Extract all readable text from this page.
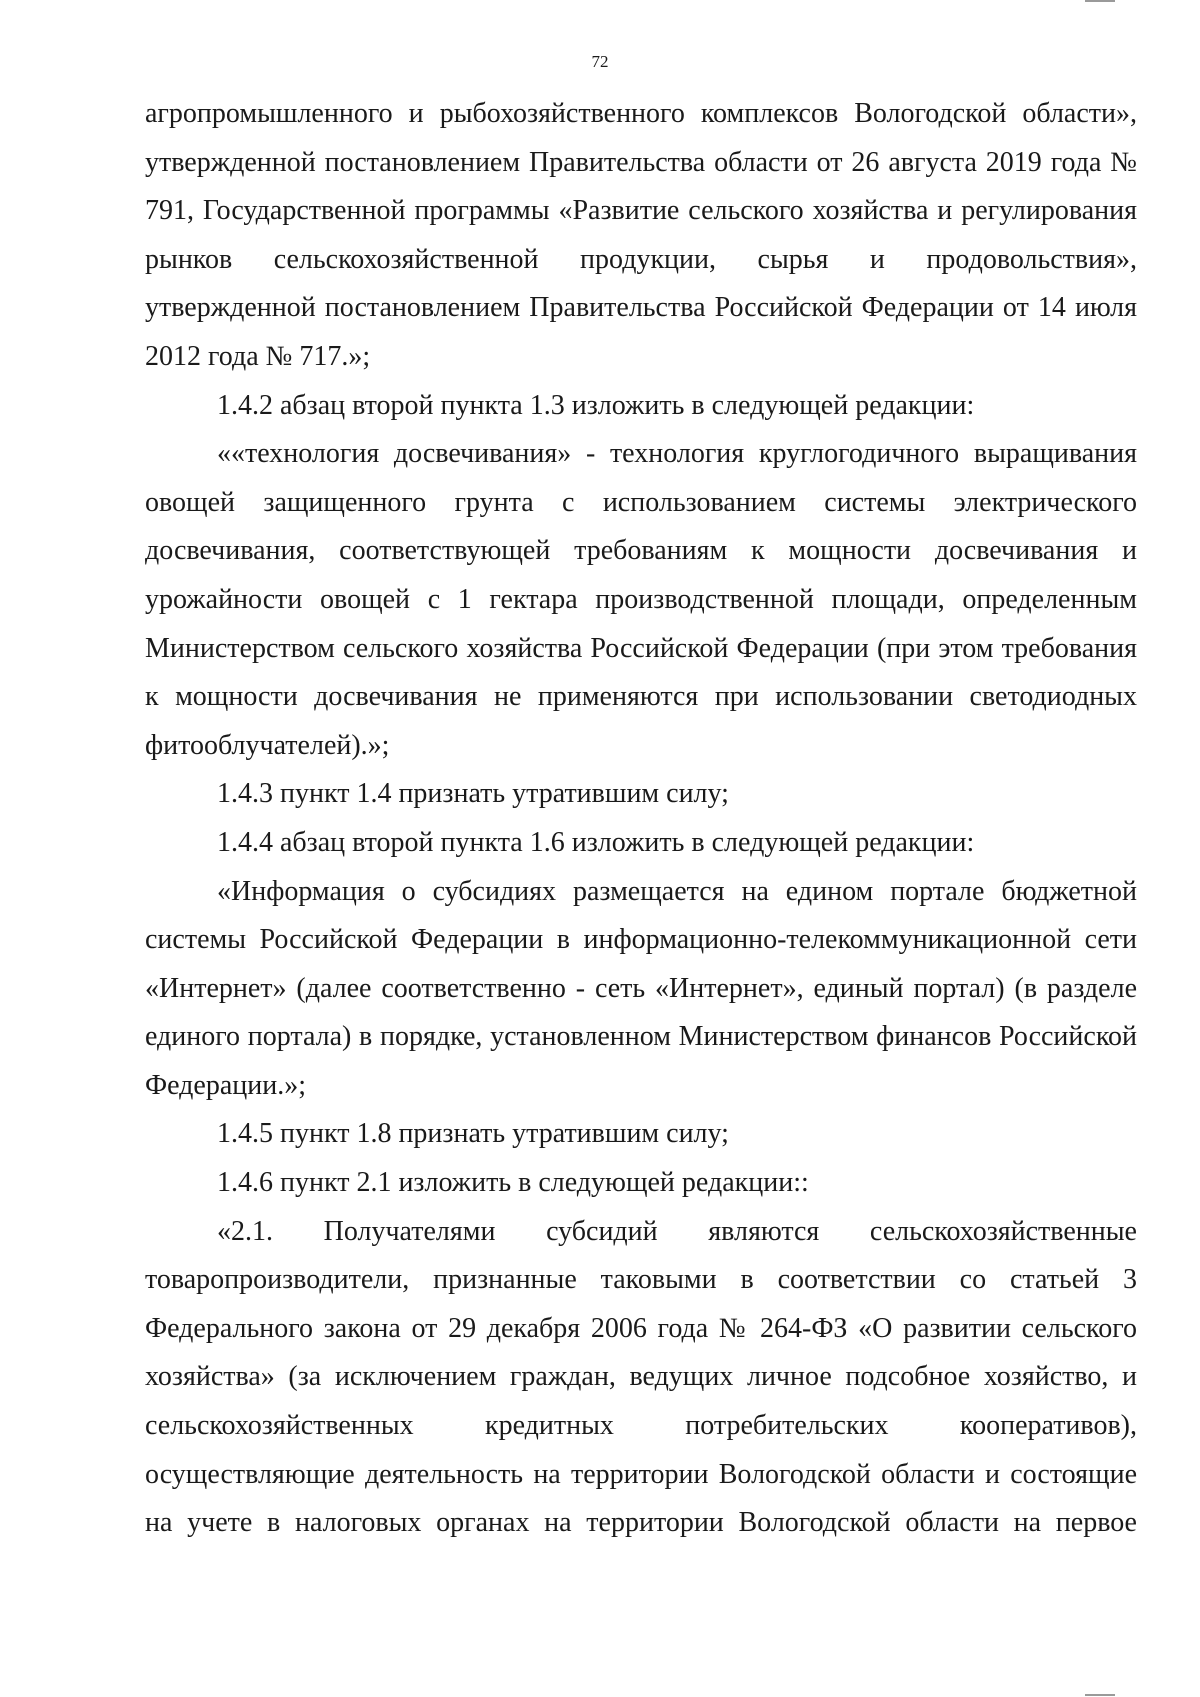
72

агропромышленного и рыбохозяйственного комплексов Вологодской области», утвержденной постановлением Правительства области от 26 августа 2019 года № 791, Государственной программы «Развитие сельского хозяйства и регулирования рынков сельскохозяйственной продукции, сырья и продовольствия», утвержденной постановлением Правительства Российской Федерации от 14 июля 2012 года № 717.»;

1.4.2 абзац второй пункта 1.3 изложить в следующей редакции:

««технология досвечивания» - технология круглогодичного выращивания овощей защищенного грунта с использованием системы электрического досвечивания, соответствующей требованиям к мощности досвечивания и урожайности овощей с 1 гектара производственной площади, определенным Министерством сельского хозяйства Российской Федерации (при этом требования к мощности досвечивания не применяются при использовании светодиодных фитооблучателей).»;

1.4.3 пункт 1.4 признать утратившим силу;

1.4.4 абзац второй пункта 1.6 изложить в следующей редакции:

«Информация о субсидиях размещается на едином портале бюджетной системы Российской Федерации в информационно-телекоммуникационной сети «Интернет» (далее соответственно - сеть «Интернет», единый портал) (в разделе единого портала) в порядке, установленном Министерством финансов Российской Федерации.»;

1.4.5 пункт 1.8 признать утратившим силу;

1.4.6 пункт 2.1 изложить в следующей редакции::

«2.1. Получателями субсидий являются сельскохозяйственные товаропроизводители, признанные таковыми в соответствии со статьей 3 Федерального закона от 29 декабря 2006 года № 264-ФЗ «О развитии сельского хозяйства» (за исключением граждан, ведущих личное подсобное хозяйство, и сельскохозяйственных кредитных потребительских кооперативов), осуществляющие деятельность на территории Вологодской области и состоящие на учете в налоговых органах на территории Вологодской области на первое
